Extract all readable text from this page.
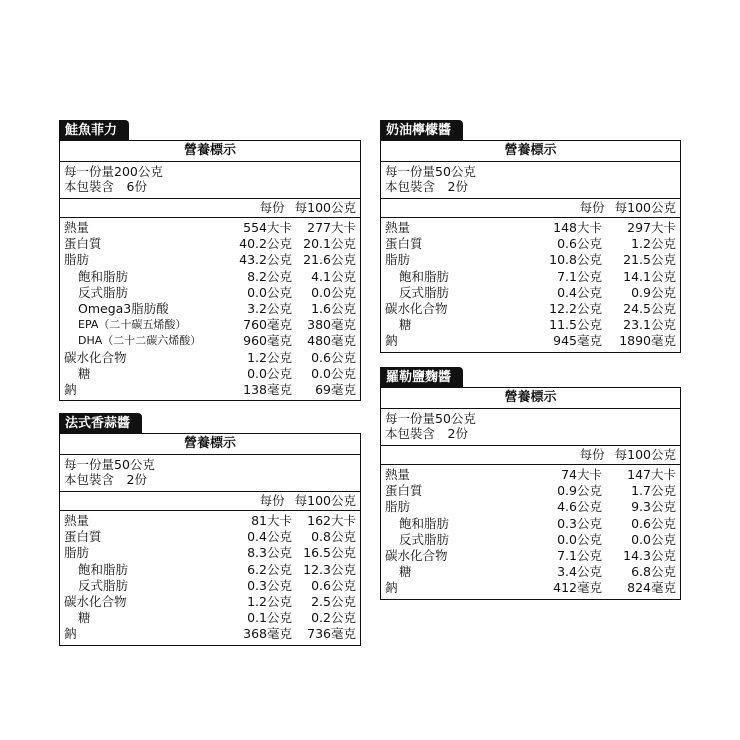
鮭魚菲力
營養標示
每一份量200公克
本包裝含　6份
每份 每100公克
熱量	554大卡	277大卡
蛋白質	40.2公克 20.1公克
脂肪	43.2公克 21.6公克
飽和脂肪	8.2公克	4.1公克
反式脂肪	0.0公克	0.0公克
Omega3脂肪酸	3.2公克	1.6公克
EPA（二十碳五烯酸）	760毫克	380毫克
DHA（二十二碳六烯酸）	960毫克	480毫克
碳水化合物	1.2公克	0.6公克
糖	0.0公克	0.0公克
鈉	138毫克	69毫克
奶油檸檬醬
營養標示
每一份量50公克
本包裝含　2份
每份 每100公克
熱量	148大卡	297大卡
蛋白質	0.6公克	1.2公克
脂肪	10.8公克	21.5公克
飽和脂肪	7.1公克	14.1公克
反式脂肪	0.4公克	0.9公克
碳水化合物	12.2公克	24.5公克
糖	11.5公克	23.1公克
鈉	945毫克	1890毫克
羅勒鹽麴醬
營養標示
每一份量50公克
本包裝含　2份
每份 每100公克
熱量	74大卡	147大卡
蛋白質	0.9公克	1.7公克
脂肪	4.6公克	9.3公克
飽和脂肪	0.3公克	0.6公克
反式脂肪	0.0公克	0.0公克
碳水化合物	7.1公克	14.3公克
糖	3.4公克	6.8公克
鈉	412毫克	824毫克
法式香蒜醬
營養標示
每一份量50公克
本包裝含　2份
每份 每100公克
熱量	81大卡	162大卡
蛋白質	0.4公克	0.8公克
脂肪	8.3公克 16.5公克
飽和脂肪	6.2公克 12.3公克
反式脂肪	0.3公克	0.6公克
碳水化合物	1.2公克	2.5公克
糖	0.1公克	0.2公克
鈉	368毫克	736毫克
